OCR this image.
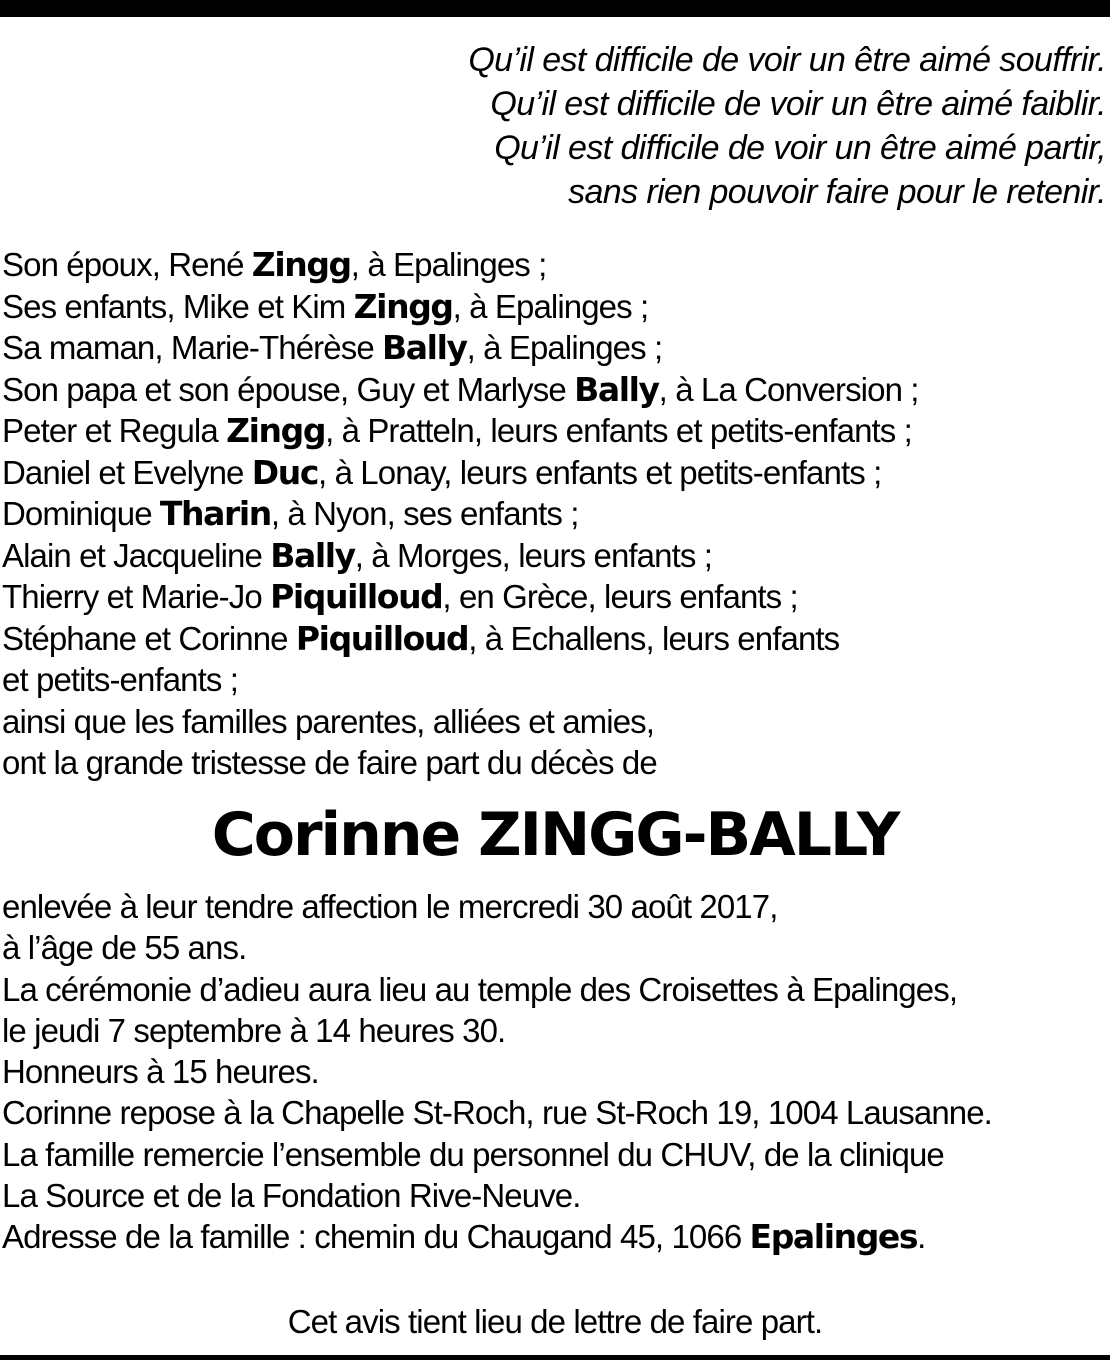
Qu’il est difficile de voir un être aimé souffrir.
Qu’il est difficile de voir un être aimé faiblir.
Qu’il est difficile de voir un être aimé partir,
sans rien pouvoir faire pour le retenir.
Son époux, René Zingg, à Epalinges ;
Ses enfants, Mike et Kim Zingg, à Epalinges ;
Sa maman, Marie-Thérèse Bally, à Epalinges ;
Son papa et son épouse, Guy et Marlyse Bally, à La Conversion ;
Peter et Regula Zingg, à Pratteln, leurs enfants et petits-enfants ;
Daniel et Evelyne Duc, à Lonay, leurs enfants et petits-enfants ;
Dominique Tharin, à Nyon, ses enfants ;
Alain et Jacqueline Bally, à Morges, leurs enfants ;
Thierry et Marie-Jo Piquilloud, en Grèce, leurs enfants ;
Stéphane et Corinne Piquilloud, à Echallens, leurs enfants
et petits-enfants ;
ainsi que les familles parentes, alliées et amies,
ont la grande tristesse de faire part du décès de
Corinne ZINGG-BALLY
enlevée à leur tendre affection le mercredi 30 août 2017,
à l’âge de 55 ans.
La cérémonie d’adieu aura lieu au temple des Croisettes à Epalinges,
le jeudi 7 septembre à 14 heures 30.
Honneurs à 15 heures.
Corinne repose à la Chapelle St-Roch, rue St-Roch 19, 1004 Lausanne.
La famille remercie l’ensemble du personnel du CHUV, de la clinique
La Source et de la Fondation Rive-Neuve.
Adresse de la famille : chemin du Chaugand 45, 1066 Epalinges.
Cet avis tient lieu de lettre de faire part.
